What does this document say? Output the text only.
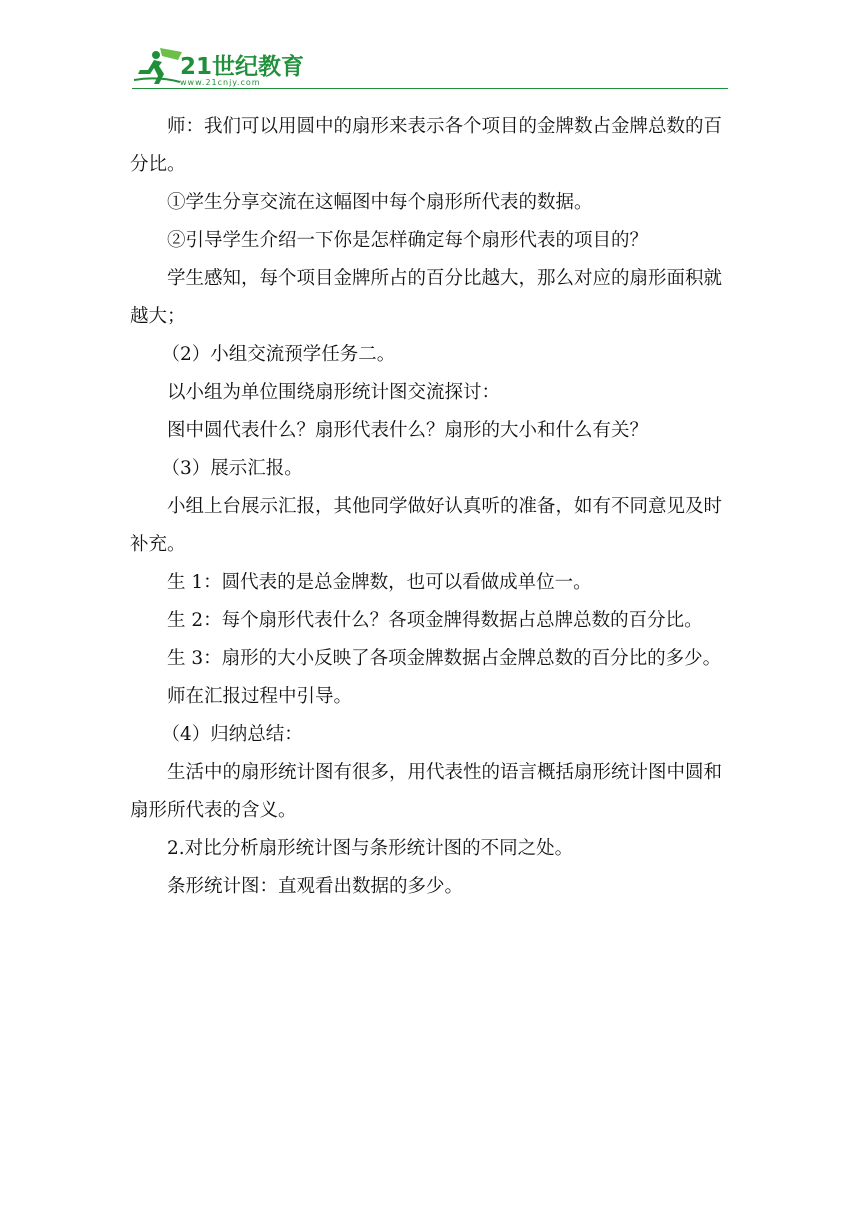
21世纪教育
www.21cnjy.com

师：我们可以用圆中的扇形来表示各个项目的金牌数占金牌总数的百分比。

①学生分享交流在这幅图中每个扇形所代表的数据。

②引导学生介绍一下你是怎样确定每个扇形代表的项目的？

学生感知，每个项目金牌所占的百分比越大，那么对应的扇形面积就越大；

（2）小组交流预学任务二。

以小组为单位围绕扇形统计图交流探讨：

图中圆代表什么？扇形代表什么？扇形的大小和什么有关？

（3）展示汇报。

小组上台展示汇报，其他同学做好认真听的准备，如有不同意见及时补充。

生 1：圆代表的是总金牌数，也可以看做成单位一。

生 2：每个扇形代表什么？各项金牌得数据占总牌总数的百分比。

生 3：扇形的大小反映了各项金牌数据占金牌总数的百分比的多少。

师在汇报过程中引导。

（4）归纳总结：

生活中的扇形统计图有很多，用代表性的语言概括扇形统计图中圆和扇形所代表的含义。

2.对比分析扇形统计图与条形统计图的不同之处。

条形统计图：直观看出数据的多少。
